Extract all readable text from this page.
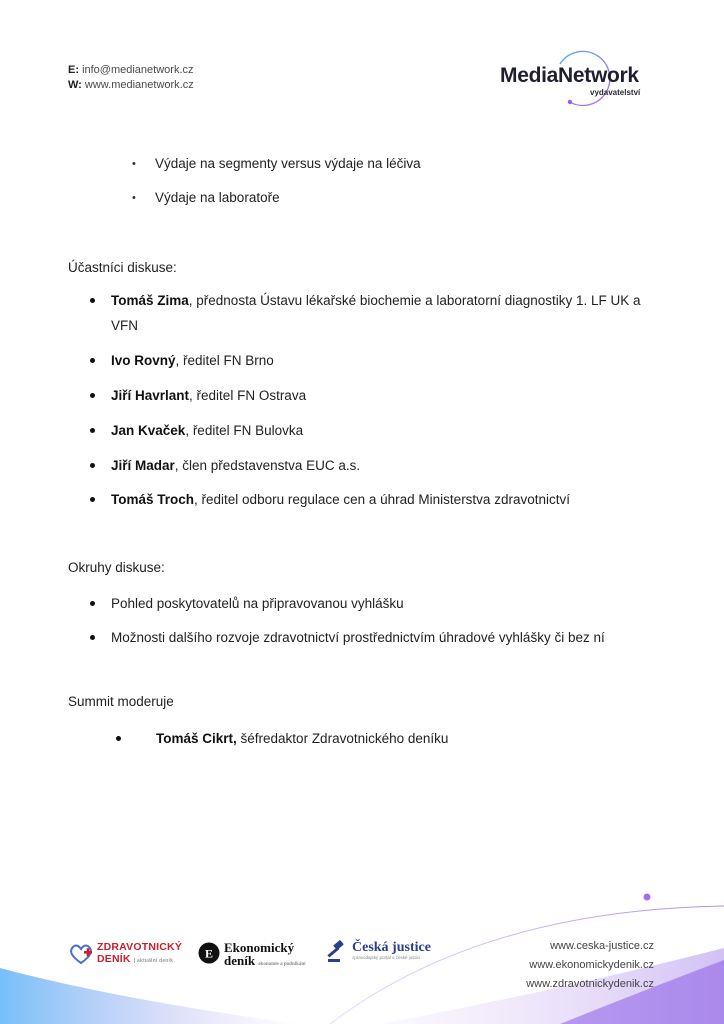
E: info@medianetwork.cz
W: www.medianetwork.cz	MediaNetwork
vydavatelství
• Výdaje na segmenty versus výdaje na léčiva
• Výdaje na laboratoře
Účastníci diskuse:
Tomáš Zima, přednosta Ústavu lékařské biochemie a laboratorní diagnostiky 1. LF UK a VFN
Ivo Rovný, ředitel FN Brno
Jiří Havrlant, ředitel FN Ostrava
Jan Kvaček, ředitel FN Bulovka
Jiří Madar, člen představenstva EUC a.s.
Tomáš Troch, ředitel odboru regulace cen a úhrad Ministerstva zdravotnictví
Okruhy diskuse:
Pohled poskytovatelů na připravovanou vyhlášku
Možnosti dalšího rozvoje zdravotnictví prostřednictvím úhradové vyhlášky či bez ní
Summit moderuje
Tomáš Cikrt, šéfredaktor Zdravotnického deníku
ZDRAVOTNICKÝ
DENÍK | aktuální deník
E Ekonomický
deník ekonomie a podnikání
Česká justice
zpravodajský portál o české justici
www.ceska-justice.cz
www.ekonomickydenik.cz
www.zdravotnickydenik.cz
